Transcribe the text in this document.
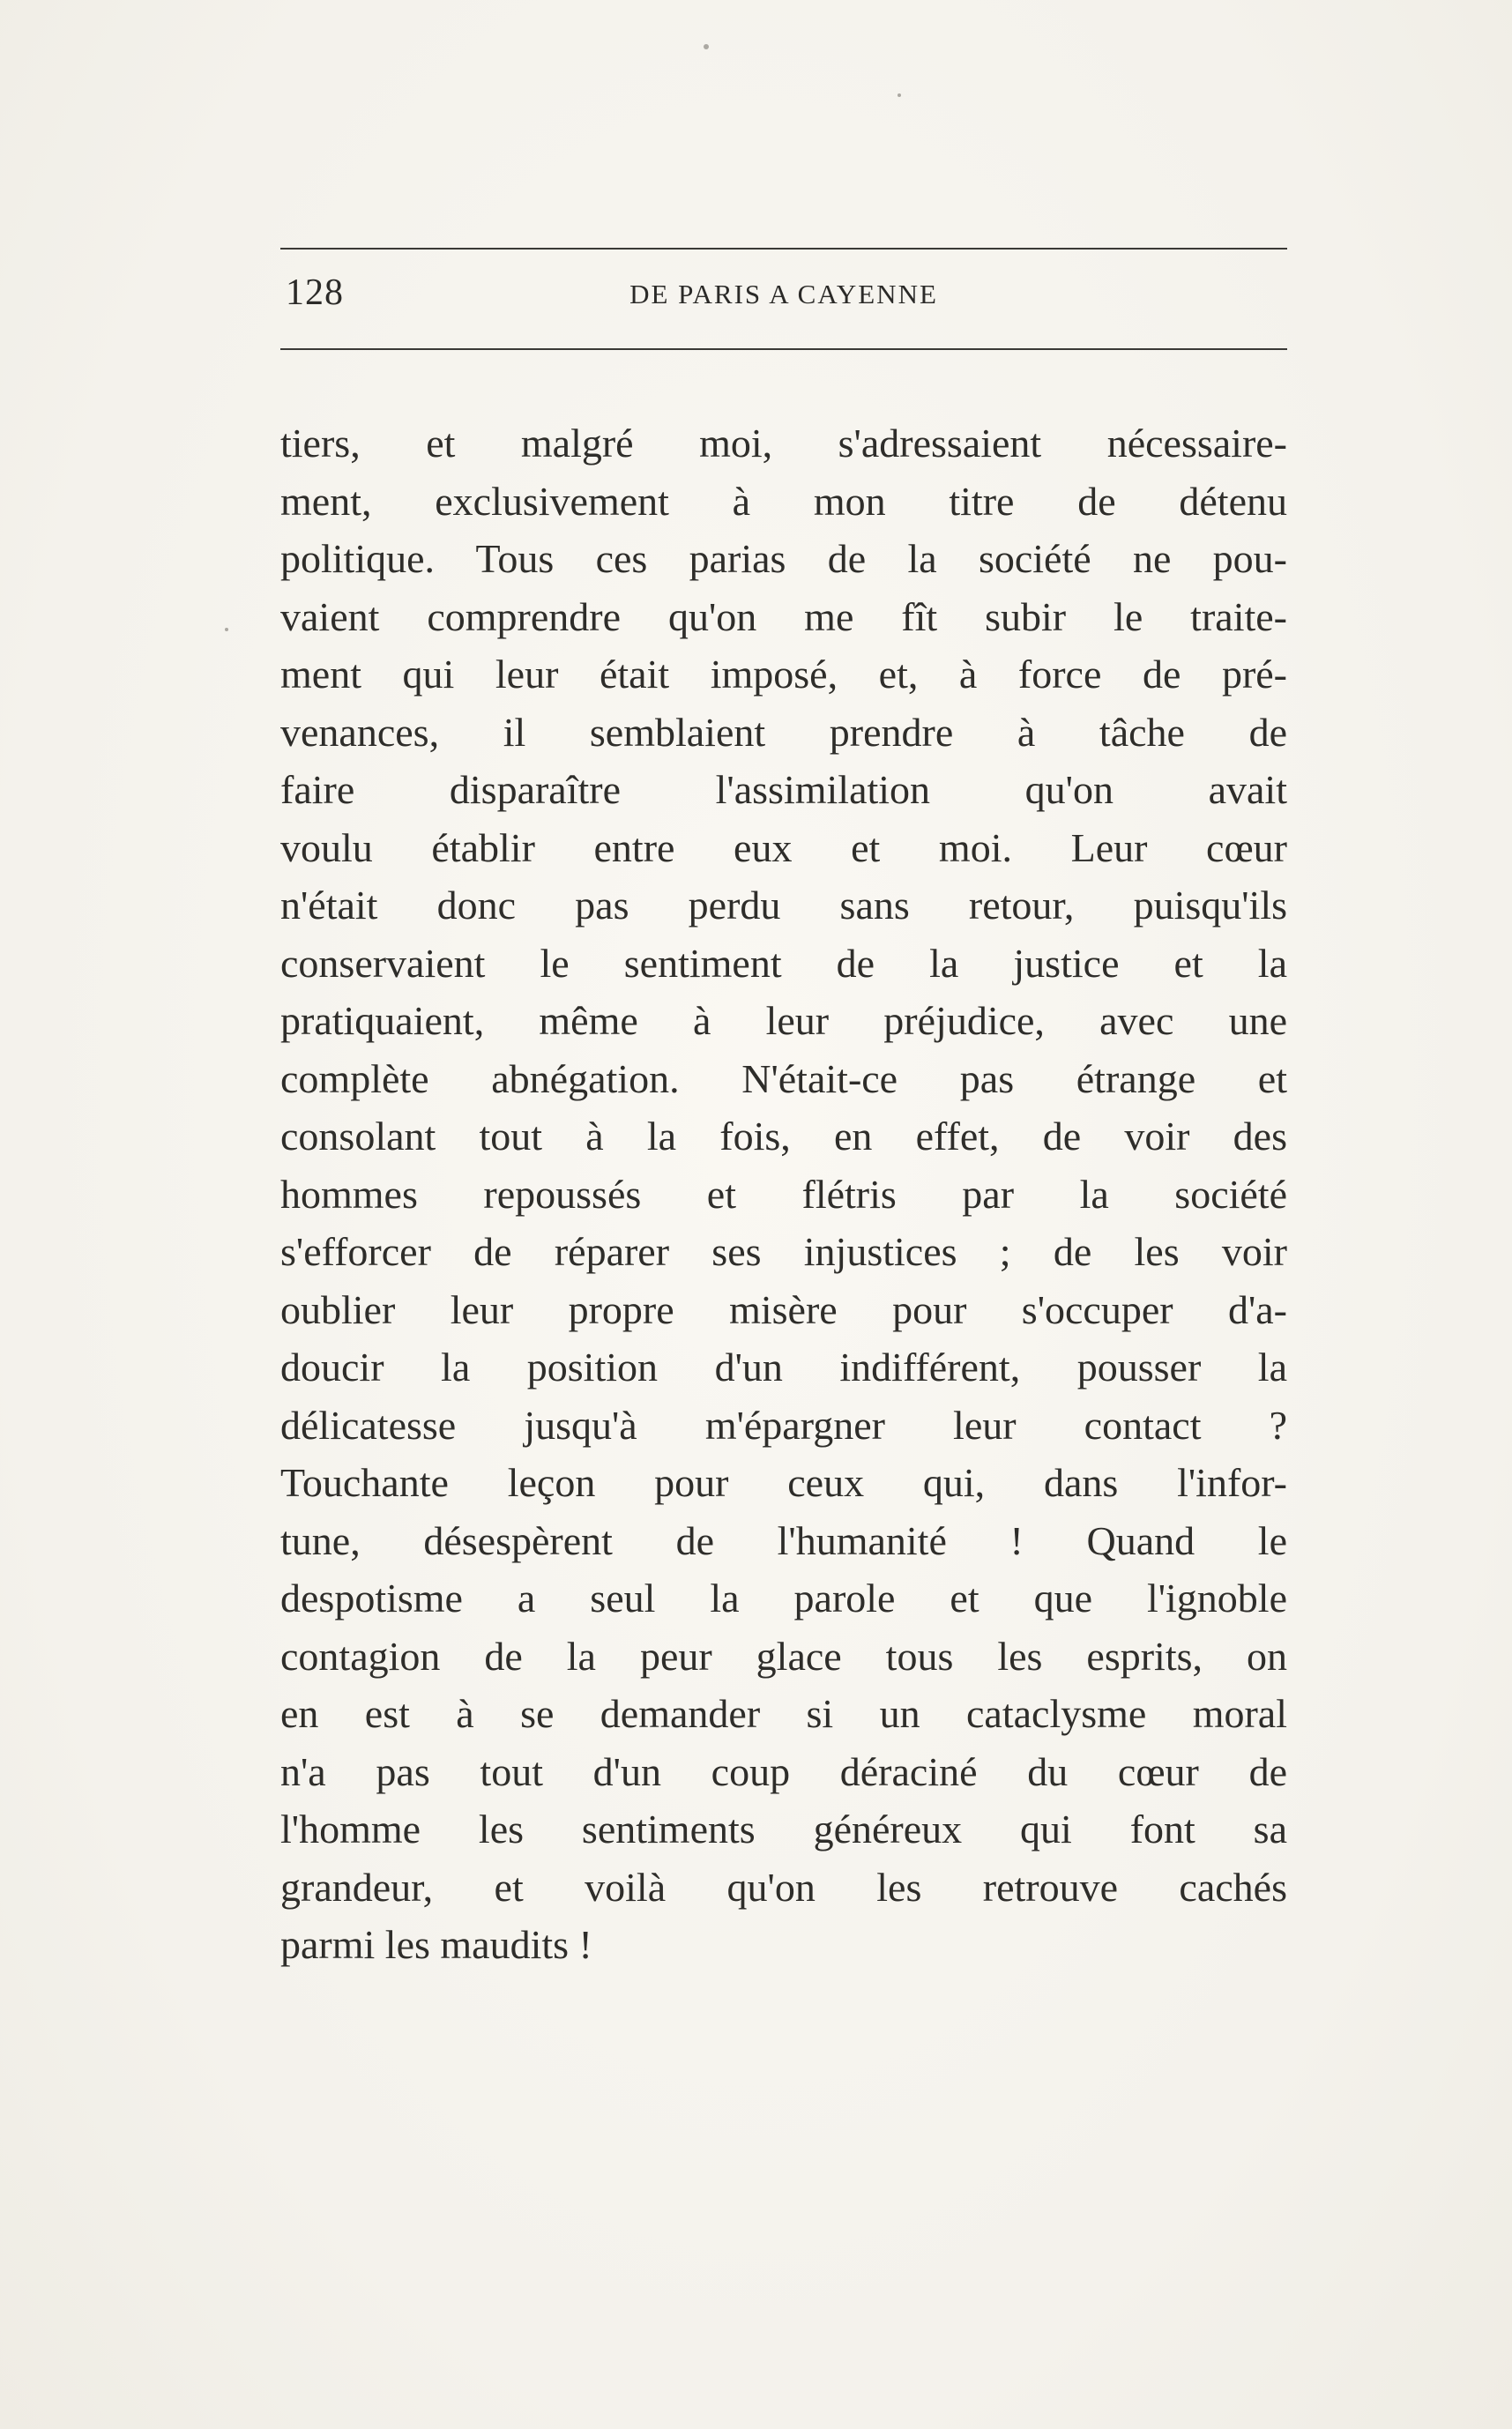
128	DE PARIS A CAYENNE
tiers, et malgré moi, s'adressaient nécessaire-
ment, exclusivement à mon titre de détenu
politique. Tous ces parias de la société ne pou-
vaient comprendre qu'on me fît subir le traite-
ment qui leur était imposé, et, à force de pré-
venances, il semblaient prendre à tâche de
faire disparaître l'assimilation qu'on avait
voulu établir entre eux et moi. Leur cœur
n'était donc pas perdu sans retour, puisqu'ils
conservaient le sentiment de la justice et la
pratiquaient, même à leur préjudice, avec une
complète abnégation. N'était-ce pas étrange et
consolant tout à la fois, en effet, de voir des
hommes repoussés et flétris par la société
s'efforcer de réparer ses injustices ; de les voir
oublier leur propre misère pour s'occuper d'a-
doucir la position d'un indifférent, pousser la
délicatesse jusqu'à m'épargner leur contact ?
Touchante leçon pour ceux qui, dans l'infor-
tune, désespèrent de l'humanité ! Quand le
despotisme a seul la parole et que l'ignoble
contagion de la peur glace tous les esprits, on
en est à se demander si un cataclysme moral
n'a pas tout d'un coup déraciné du cœur de
l'homme les sentiments généreux qui font sa
grandeur, et voilà qu'on les retrouve cachés
parmi les maudits !
